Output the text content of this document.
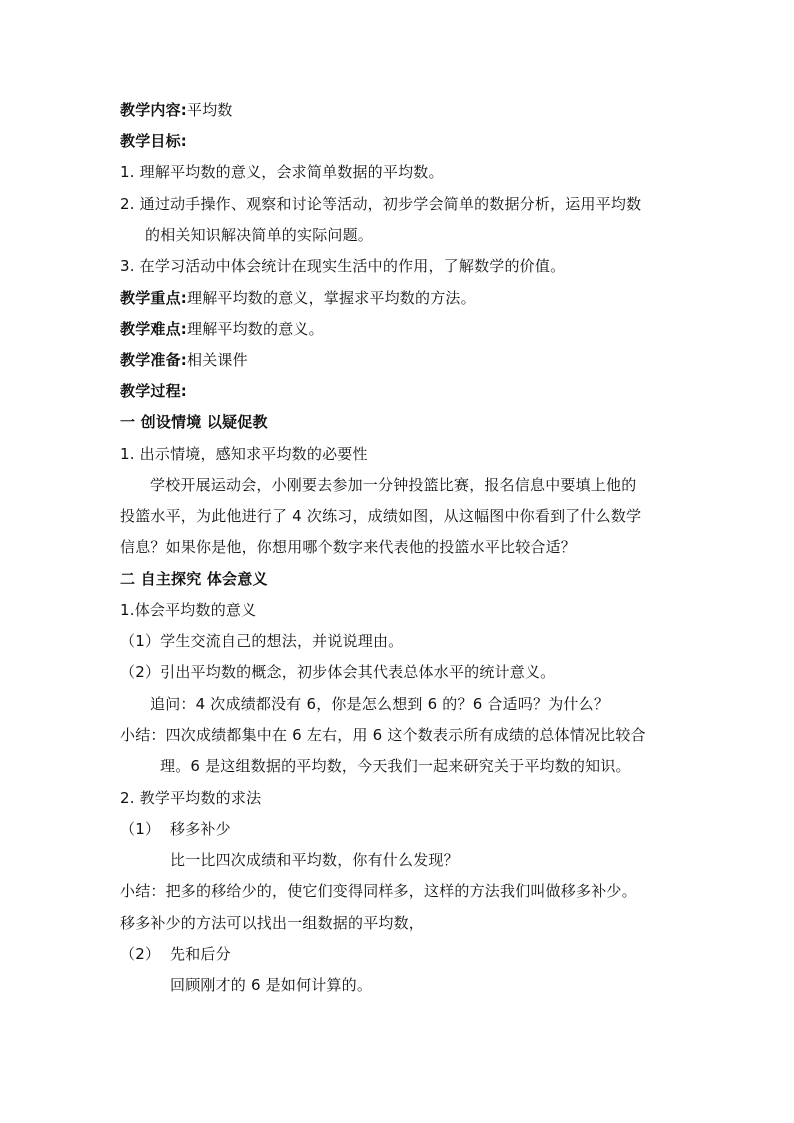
教学内容:平均数
教学目标:
1. 理解平均数的意义，会求简单数据的平均数。
2. 通过动手操作、观察和讨论等活动，初步学会简单的数据分析，运用平均数
的相关知识解决简单的实际问题。
3. 在学习活动中体会统计在现实生活中的作用，了解数学的价值。
教学重点:理解平均数的意义，掌握求平均数的方法。
教学难点:理解平均数的意义。
教学准备:相关课件
教学过程:
一 创设情境 以疑促教
1. 出示情境，感知求平均数的必要性
学校开展运动会，小刚要去参加一分钟投篮比赛，报名信息中要填上他的
投篮水平，为此他进行了 4 次练习，成绩如图，从这幅图中你看到了什么数学
信息？如果你是他，你想用哪个数字来代表他的投篮水平比较合适？
二 自主探究 体会意义
1.体会平均数的意义
（1）学生交流自己的想法，并说说理由。
（2）引出平均数的概念，初步体会其代表总体水平的统计意义。
追问：4 次成绩都没有 6，你是怎么想到 6 的？6 合适吗？为什么？
小结：四次成绩都集中在 6 左右，用 6 这个数表示所有成绩的总体情况比较合
理。6 是这组数据的平均数，今天我们一起来研究关于平均数的知识。
2. 教学平均数的求法
（1） 移多补少
比一比四次成绩和平均数，你有什么发现？
小结：把多的移给少的，使它们变得同样多，这样的方法我们叫做移多补少。
移多补少的方法可以找出一组数据的平均数，
（2） 先和后分
回顾刚才的 6 是如何计算的。
